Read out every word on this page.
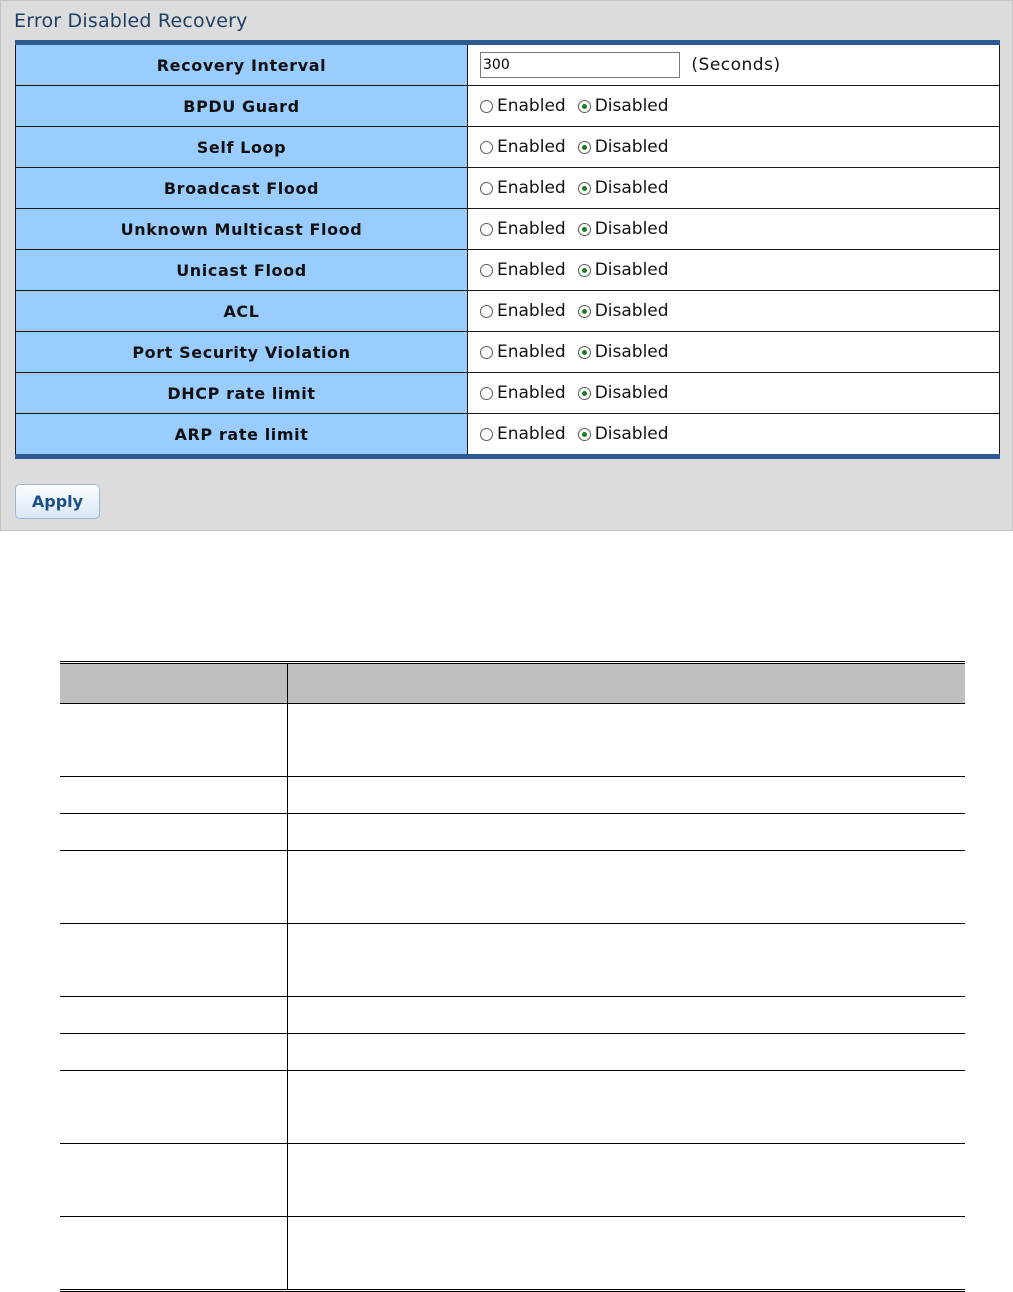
Error Disabled Recovery
Recovery Interval	300(Seconds)
BPDU Guard	Enabled Disabled

Self Loop	Enabled Disabled

Broadcast Flood	Enabled Disabled

Unknown Multicast Flood	Enabled Disabled

Unicast Flood	Enabled Disabled

ACL	Enabled Disabled

Port Security Violation	Enabled Disabled

DHCP rate limit	Enabled Disabled

ARP rate limit	Enabled Disabled
Apply
